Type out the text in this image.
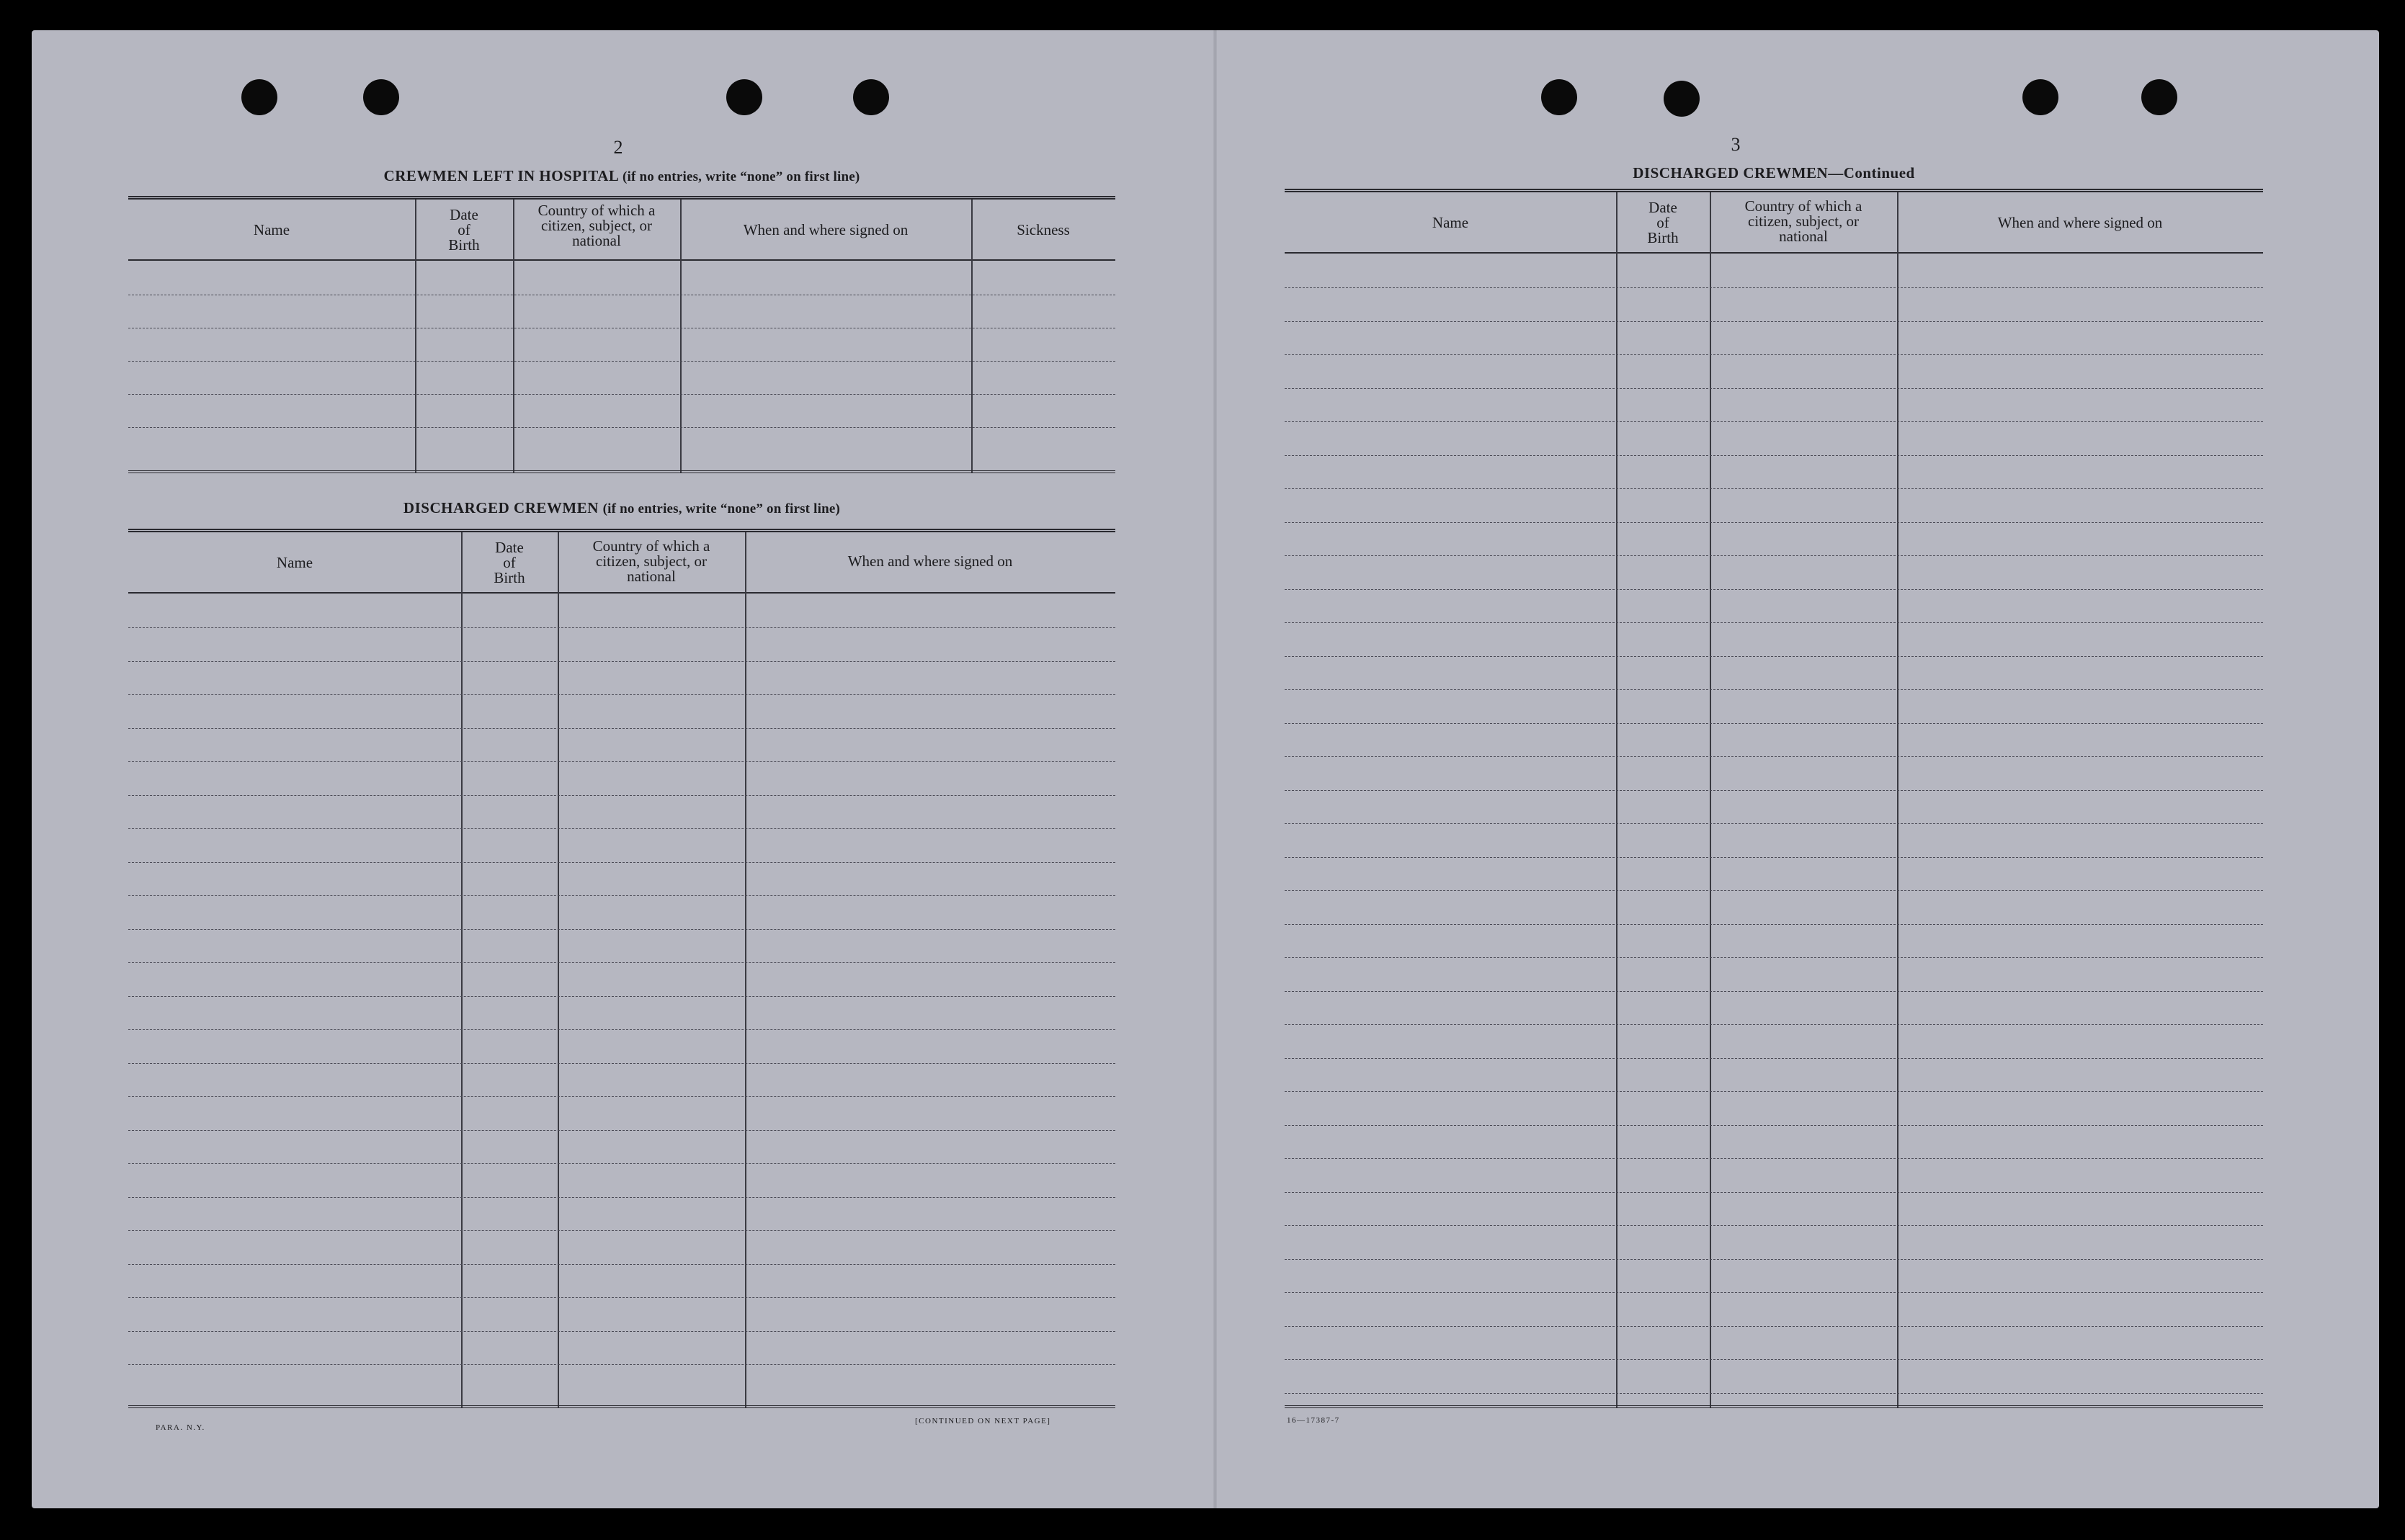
2
CREWMEN LEFT IN HOSPITAL (if no entries, write “none” on first line)
Name
Date
of
Birth
Country of which a
citizen, subject, or
national
When and where signed on	Sickness
DISCHARGED CREWMEN (if no entries, write “none” on first line)
Name
Date
of
Birth
Country of which a
citizen, subject, or
national
When and where signed on
PARA. N.Y.
[CONTINUED ON NEXT PAGE]
3
DISCHARGED CREWMEN—Continued
Name
Date
of
Birth
Country of which a
citizen, subject, or
national
When and where signed on
16—17387-7
